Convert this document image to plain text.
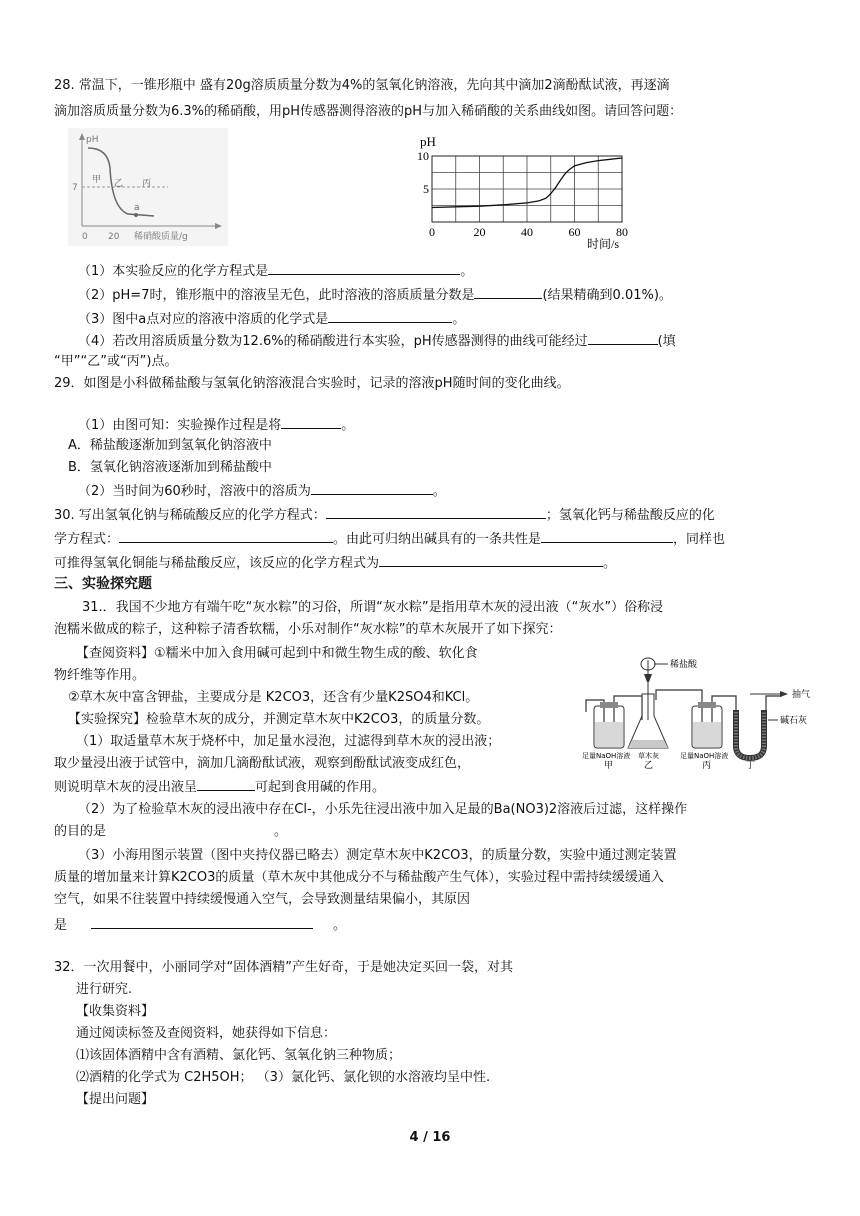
28. 常温下，一锥形瓶中 盛有20g溶质质量分数为4%的氢氧化钠溶液，先向其中滴加2滴酚酞试液，再逐滴
滴加溶质质量分数为6.3%的稀硝酸，用pH传感器测得溶液的pH与加入稀硝酸的关系曲线如图。请回答问题：
pH
7
甲 乙 丙
a
0 20 稀硝酸质量/g
pH
5
10
0	20	40	60	80
时间/s
（1）本实验反应的化学方程式是	。
（2）pH=7时，锥形瓶中的溶液呈无色，此时溶液的溶质质量分数是	(结果精确到0.01%)。
（3）图中a点对应的溶液中溶质的化学式是	。
（4）若改用溶质质量分数为12.6%的稀硝酸进行本实验，pH传感器测得的曲线可能经过	(填
“甲”“乙”或“丙”)点。
29．如图是小科做稀盐酸与氢氧化钠溶液混合实验时，记录的溶液pH随时间的变化曲线。
（1）由图可知：实验操作过程是将	。
A．稀盐酸逐渐加到氢氧化钠溶液中
B．氢氧化钠溶液逐渐加到稀盐酸中
（2）当时间为60秒时，溶液中的溶质为	。
30. 写出氢氧化钠与稀硫酸反应的化学方程式：	；氢氧化钙与稀盐酸反应的化
学方程式：	。由此可归纳出碱具有的一条共性是	，同样也
可推得氢氧化铜能与稀盐酸反应，该反应的化学方程式为	。
三、实验探究题
31.．我国不少地方有端午吃“灰水粽”的习俗，所谓“灰水粽”是指用草木灰的浸出液（“灰水”）俗称浸
泡糯米做成的粽子，这种粽子清香软糯，小乐对制作“灰水粽”的草木灰展开了如下探究：
【查阅资料】①糯米中加入食用碱可起到中和微生物生成的酸、软化食
物纤维等作用。
②草木灰中富含钾盐，主要成分是 K2CO3，还含有少量K2SO4和KCl。
【实验探究】检验草木灰的成分，并测定草木灰中K2CO3，的质量分数。
（1）取适量草木灰于烧杯中，加足量水浸泡，过滤得到草木灰的浸出液；
取少量浸出液于试管中，滴加几滴酚酞试液，观察到酚酞试液变成红色，
则说明草木灰的浸出液呈	可起到食用碱的作用。
（2）为了检验草木灰的浸出液中存在Cl-，小乐先往浸出液中加入足最的Ba(NO3)2溶液后过滤，这样操作
的目的是	。
（3）小海用图示装置（图中夹持仪器已略去）测定草木灰中K2CO3，的质量分数，实验中通过测定装置
质量的增加量来计算K2CO3的质量（草木灰中其他成分不与稀盐酸产生气体），实验过程中需持续缓缓通入
空气，如果不往装置中持续缓慢通入空气，会导致测量结果偏小，其原因
是	。
稀盐酸
抽气
碱石灰
足量NaOH溶液
甲
草木灰
乙
足量NaOH溶液
丙	丁
32．一次用餐中，小丽同学对“固体酒精”产生好奇，于是她决定买回一袋，对其
进行研究.
【收集资料】
通过阅读标签及查阅资料，她获得如下信息：
⑴该固体酒精中含有酒精、氯化钙、氢氧化钠三种物质；
⑵酒精的化学式为 C2H5OH； （3）氯化钙、氯化钡的水溶液均呈中性.
【提出问题】
4 / 16
